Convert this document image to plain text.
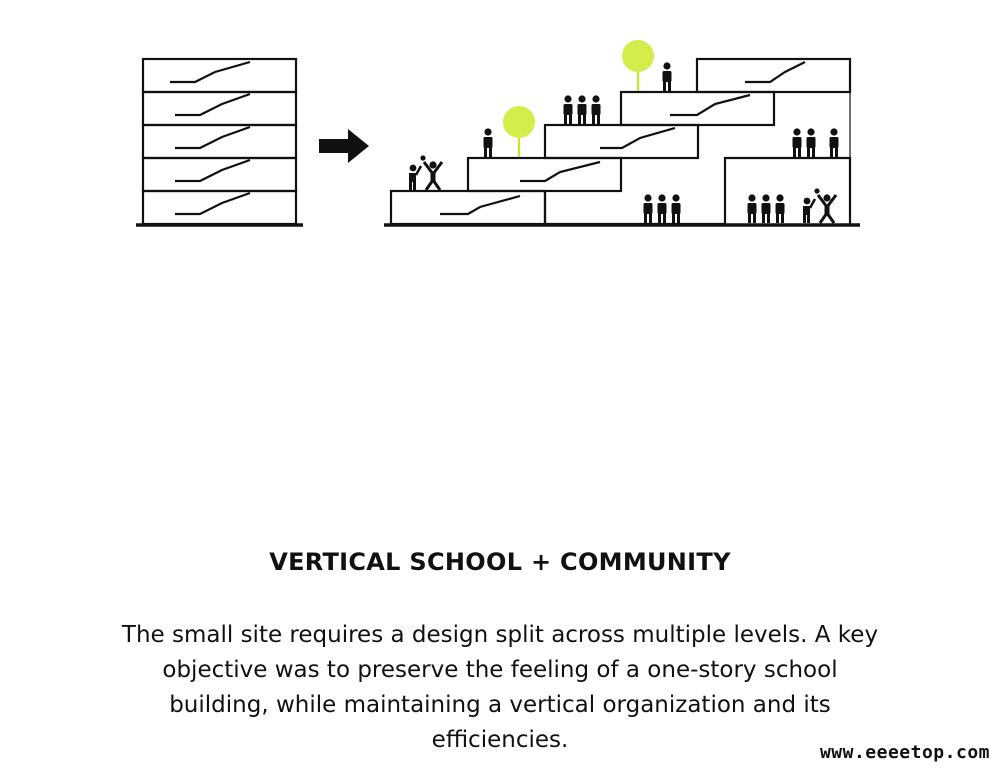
VERTICAL SCHOOL + COMMUNITY

The small site requires a design split across multiple levels. A key objective was to preserve the feeling of a one-story school building, while maintaining a vertical organization and its efficiencies.	www.eeeetop.com
